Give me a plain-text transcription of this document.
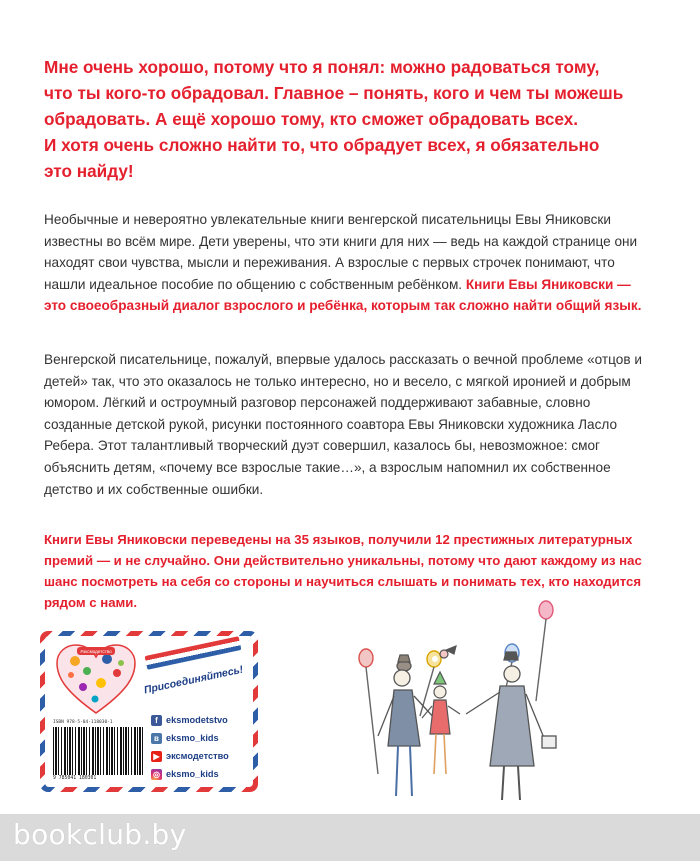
Мне очень хорошо, потому что я понял: можно радоваться тому,
что ты кого-то обрадовал. Главное – понять, кого и чем ты можешь
обрадовать. А ещё хорошо тому, кто сможет обрадовать всех.
И хотя очень сложно найти то, что обрадует всех, я обязательно
это найду!

Необычные и невероятно увлекательные книги венгерской писательницы Евы Яниковски известны во всём мире. Дети уверены, что эти книги для них — ведь на каждой странице они находят свои чувства, мысли и переживания. А взрослые с первых строчек понимают, что нашли идеальное пособие по общению с собственным ребёнком. Книги Евы Яниковски — это своеобразный диалог взрослого и ребёнка, которым так сложно найти общий язык.

Венгерской писательнице, пожалуй, впервые удалось рассказать о вечной проблеме «отцов и детей» так, что это оказалось не только интересно, но и весело, с мягкой иронией и добрым юмором. Лёгкий и остроумный разговор персонажей поддерживают забавные, словно созданные детской рукой, рисунки постоянного соавтора Евы Яниковски художника Ласло Ребера. Этот талантливый творческий дуэт совершил, казалось бы, невозможное: смог объяснить детям, «почему все взрослые такие…», а взрослым напомнил их собственное детство и их собственные ошибки.

Книги Евы Яниковски переведены на 35 языков, получили 12 престижных литературных премий — и не случайно. Они действительно уникальны, потому что дают каждому из нас шанс посмотреть на себя со стороны и научиться слышать и понимать тех, кто находится рядом с нами.

#эксмодетство
Присоединяйтесь!
ISBN 978-5-04-118030-1
9 785041 180301
f eksmodetstvo
в eksmo_kids
▶ эксмодетство
◎ eksmo_kids
bookclub.by
